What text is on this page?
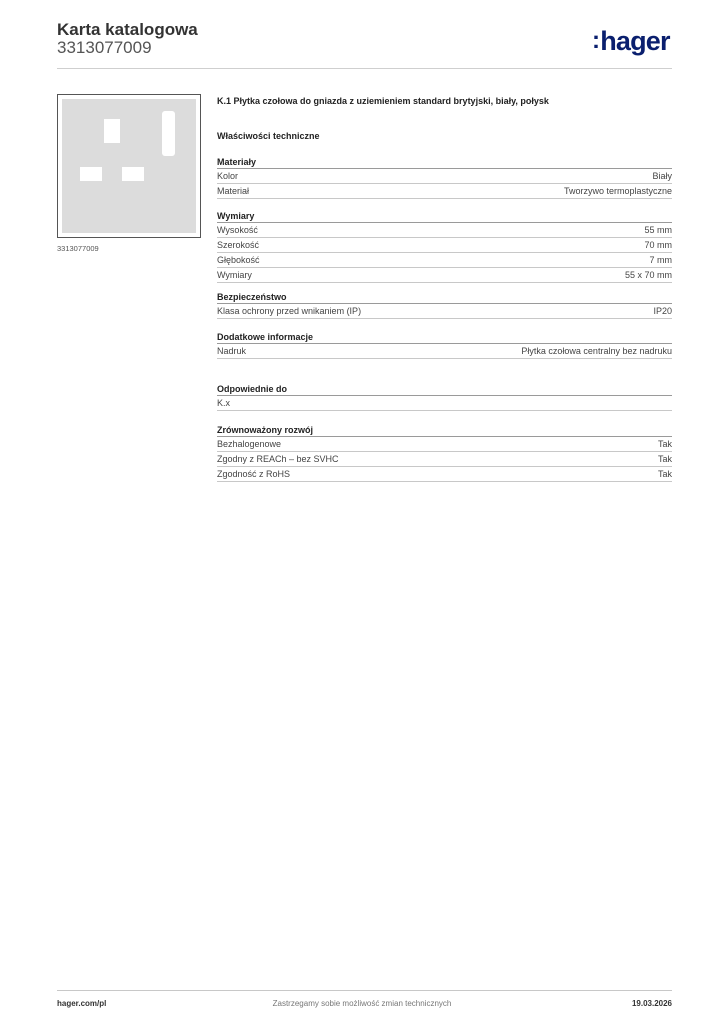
Karta katalogowa
3313077009	:hager
3313077009
K.1 Płytka czołowa do gniazda z uziemieniem standard brytyjski, biały, połysk
Właściwości techniczne
Materiały
Kolor	Biały
Materiał	Tworzywo termoplastyczne
Wymiary
Wysokość	55 mm
Szerokość	70 mm
Głębokość	7 mm
Wymiary	55 x 70 mm
Bezpieczeństwo
Klasa ochrony przed wnikaniem (IP)	IP20
Dodatkowe informacje
Nadruk	Płytka czołowa centralny bez nadruku
Odpowiednie do
K.x
Zrównoważony rozwój
Bezhalogenowe	Tak
Zgodny z REACh – bez SVHC	Tak
Zgodność z RoHS	Tak
hager.com/pl	Zastrzegamy sobie możliwość zmian technicznych	19.03.2026
